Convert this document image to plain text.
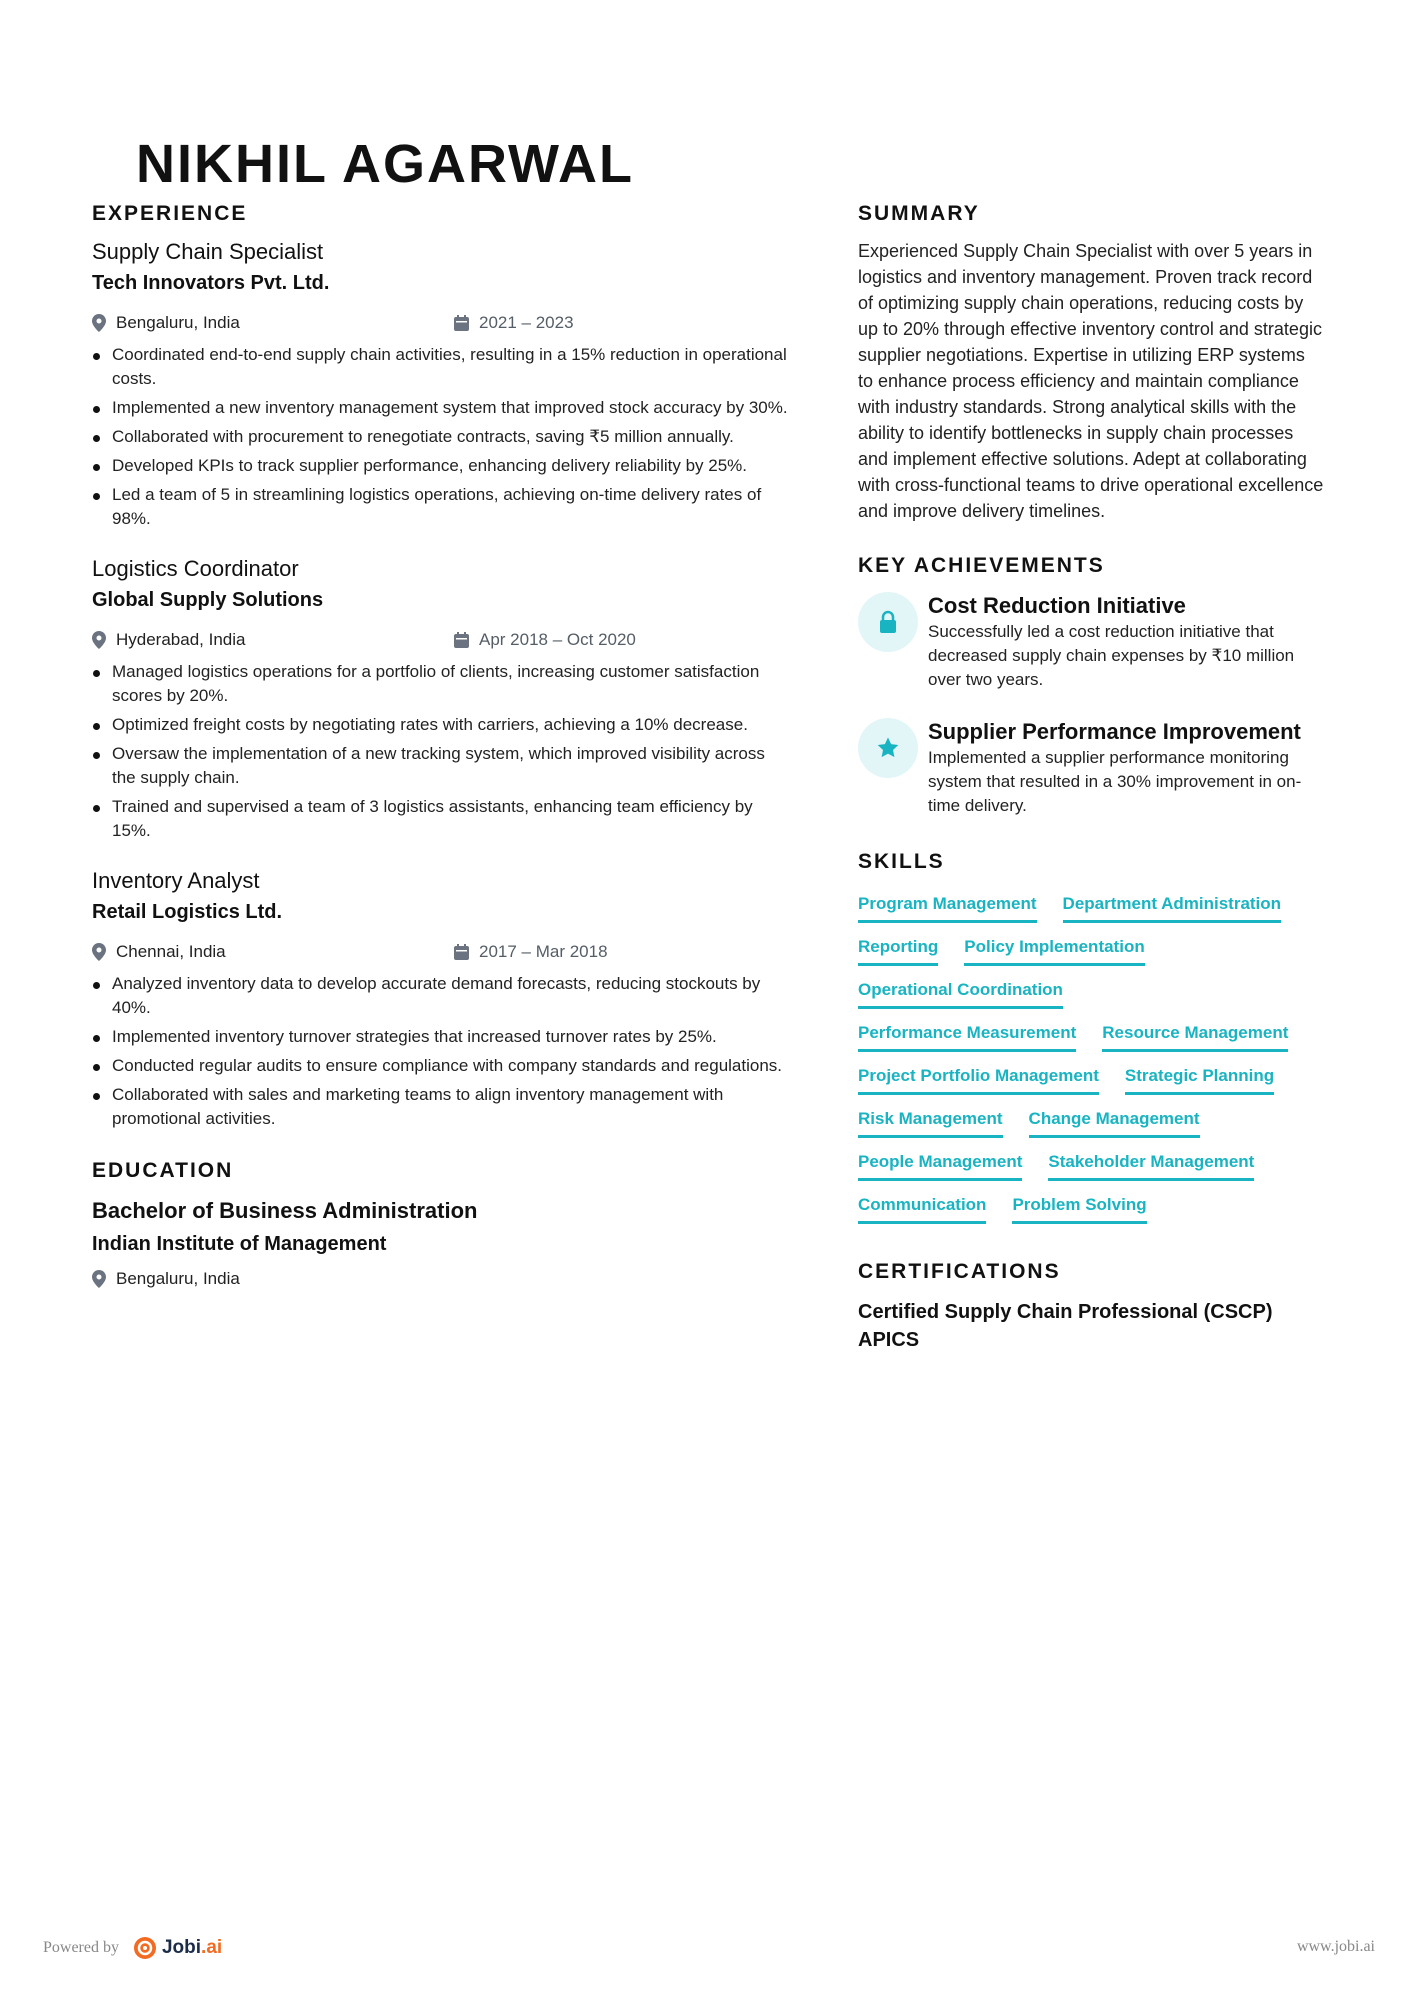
NIKHIL AGARWAL
EXPERIENCE
Supply Chain Specialist

Tech Innovators Pvt. Ltd.

Bengaluru, India	2021 – 2023
Coordinated end-to-end supply chain activities, resulting in a 15% reduction in operational costs.
Implemented a new inventory management system that improved stock accuracy by 30%.
Collaborated with procurement to renegotiate contracts, saving ₹5 million annually.
Developed KPIs to track supplier performance, enhancing delivery reliability by 25%.
Led a team of 5 in streamlining logistics operations, achieving on-time delivery rates of 98%.
Logistics Coordinator

Global Supply Solutions

Hyderabad, India	Apr 2018 – Oct 2020
Managed logistics operations for a portfolio of clients, increasing customer satisfaction scores by 20%.
Optimized freight costs by negotiating rates with carriers, achieving a 10% decrease.
Oversaw the implementation of a new tracking system, which improved visibility across the supply chain.
Trained and supervised a team of 3 logistics assistants, enhancing team efficiency by 15%.
Inventory Analyst

Retail Logistics Ltd.

Chennai, India	2017 – Mar 2018
Analyzed inventory data to develop accurate demand forecasts, reducing stockouts by 40%.
Implemented inventory turnover strategies that increased turnover rates by 25%.
Conducted regular audits to ensure compliance with company standards and regulations.
Collaborated with sales and marketing teams to align inventory management with promotional activities.
EDUCATION

Bachelor of Business Administration

Indian Institute of Management

Bengaluru, India
SUMMARY

Experienced Supply Chain Specialist with over 5 years in logistics and inventory management. Proven track record of optimizing supply chain operations, reducing costs by up to 20% through effective inventory control and strategic supplier negotiations. Expertise in utilizing ERP systems to enhance process efficiency and maintain compliance with industry standards. Strong analytical skills with the ability to identify bottlenecks in supply chain processes and implement effective solutions. Adept at collaborating with cross-functional teams to drive operational excellence and improve delivery timelines.

KEY ACHIEVEMENTS

Cost Reduction Initiative

Successfully led a cost reduction initiative that decreased supply chain expenses by ₹10 million over two years.

Supplier Performance Improvement

Implemented a supplier performance monitoring system that resulted in a 30% improvement in on-time delivery.

SKILLS
Program Management Department Administration
Reporting Policy Implementation
Operational Coordination
Performance Measurement Resource Management
Project Portfolio Management Strategic Planning
Risk Management Change Management
People Management Stakeholder Management
Communication Problem Solving
CERTIFICATIONS

Certified Supply Chain Professional (CSCP)

APICS

Powered by Jobi.ai	www.jobi.ai
